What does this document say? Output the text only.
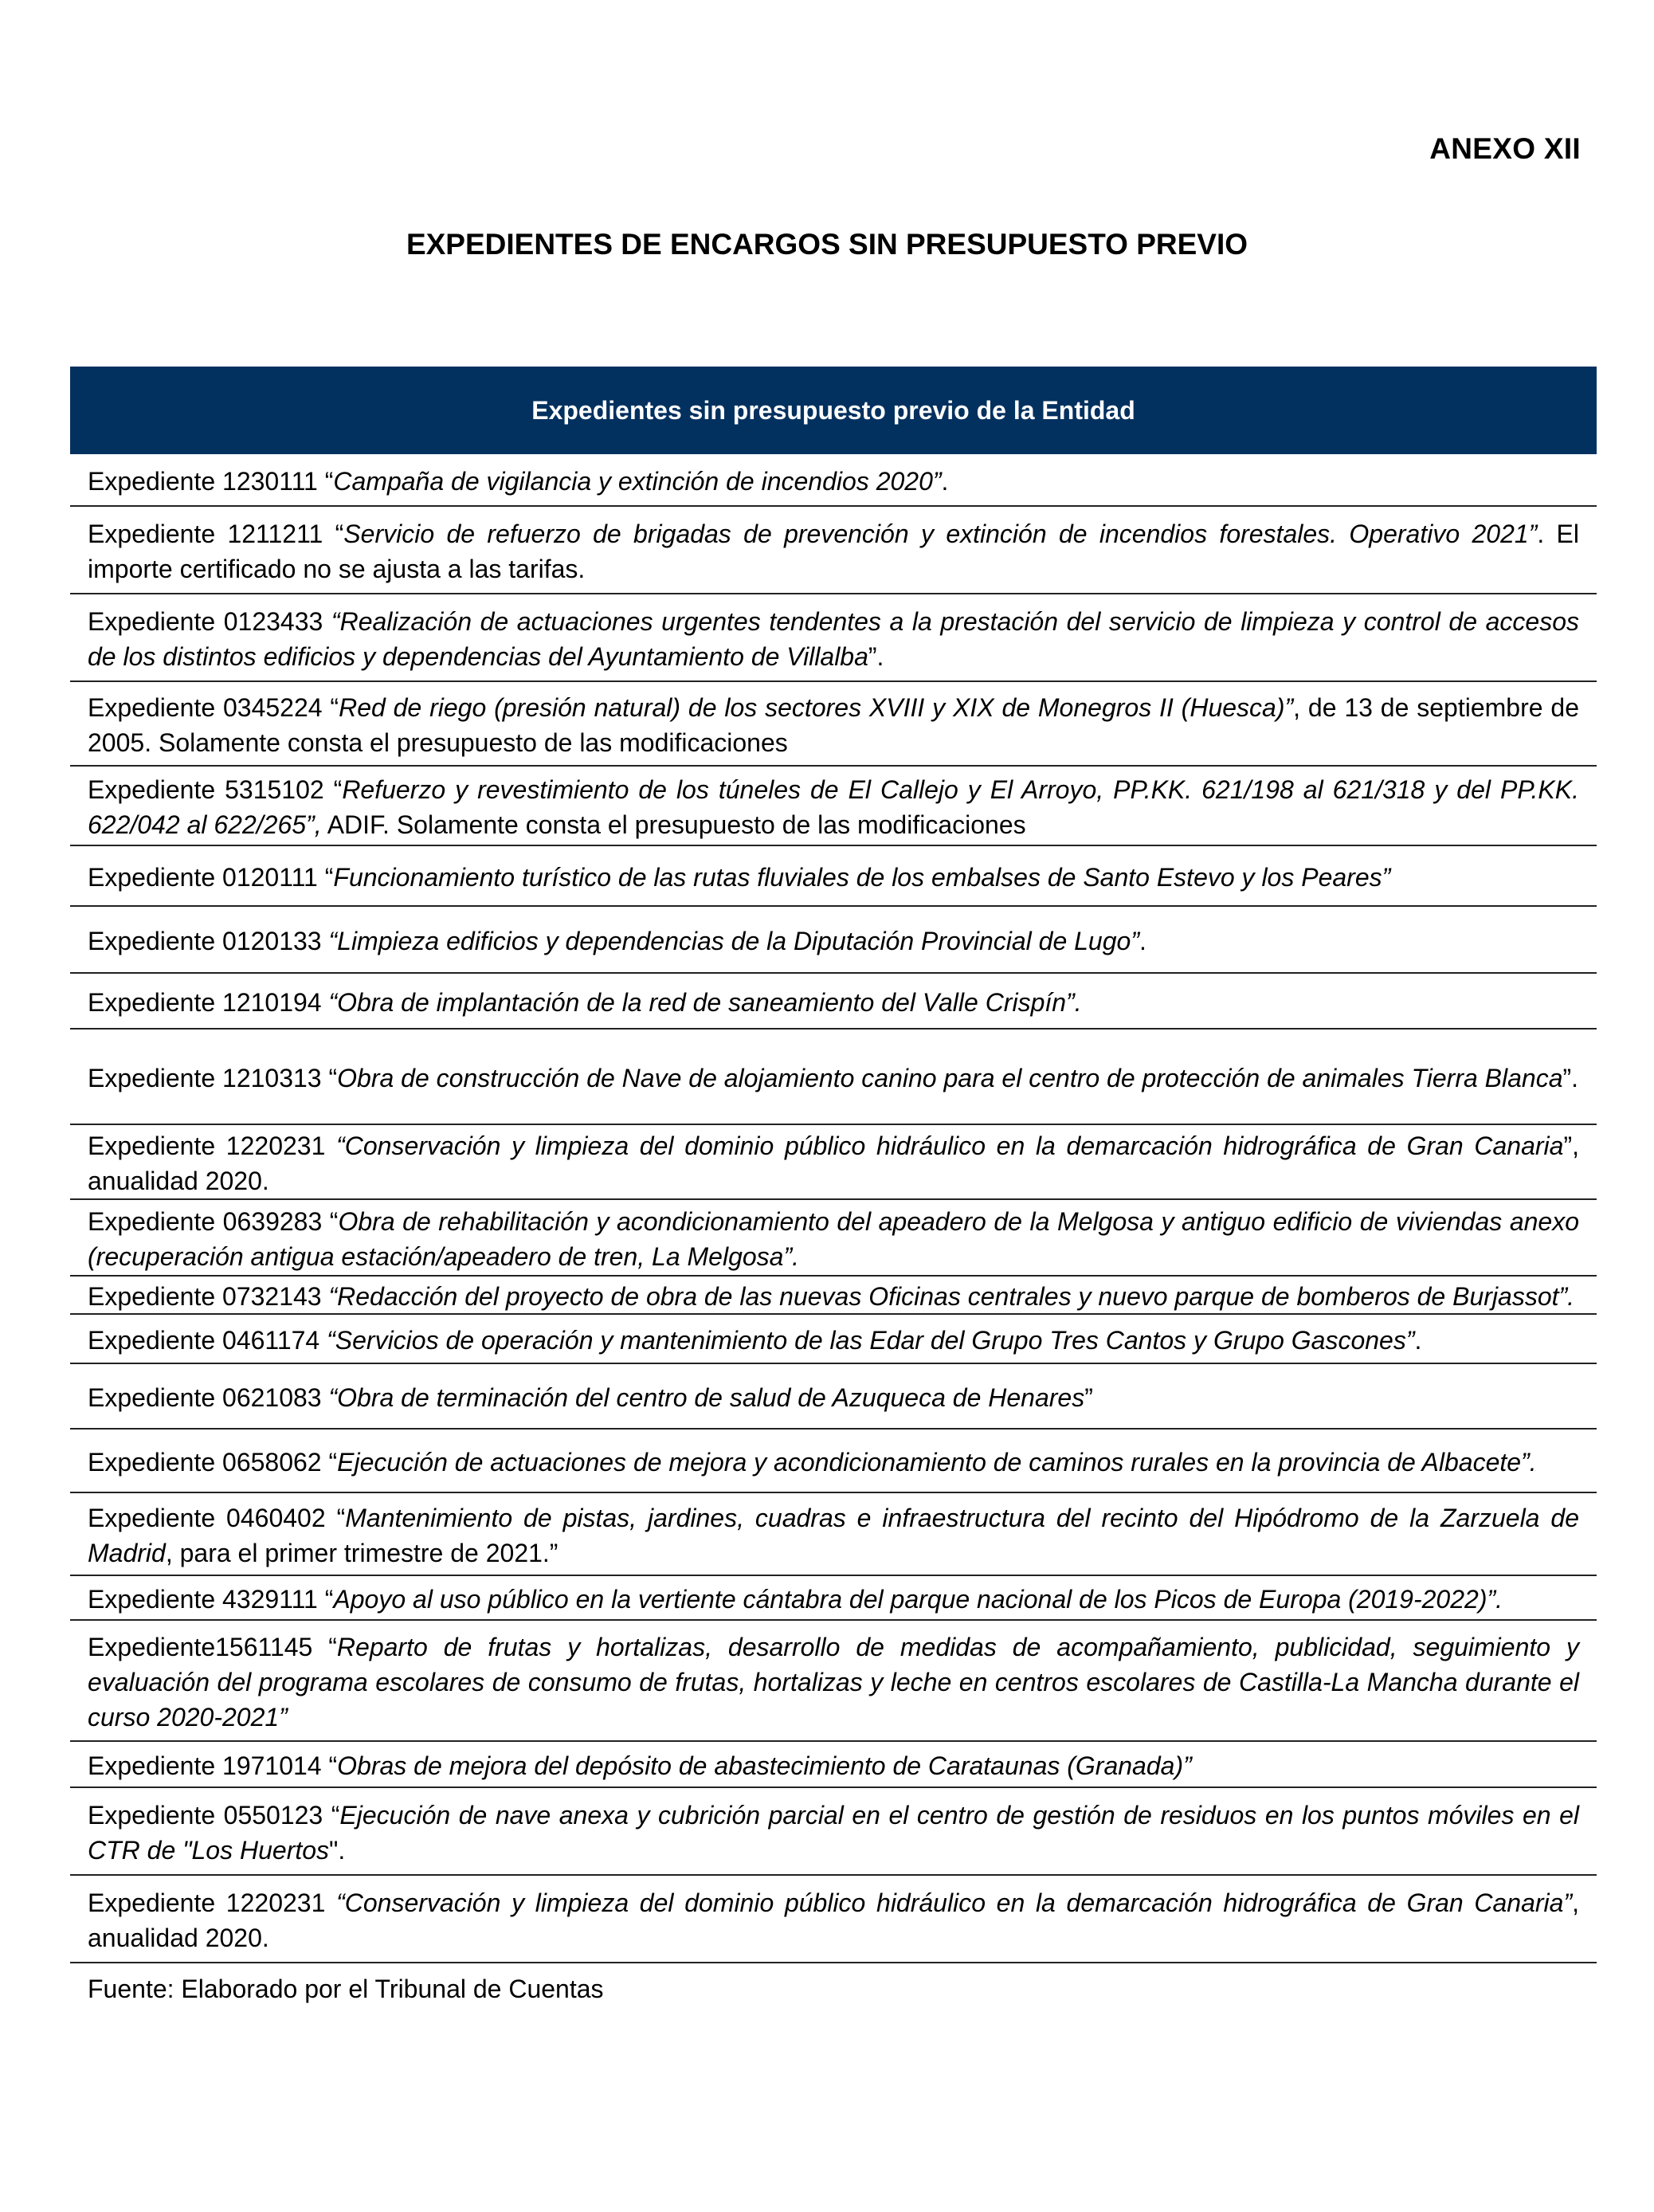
ANEXO XII
EXPEDIENTES DE ENCARGOS SIN PRESUPUESTO PREVIO
Expedientes sin presupuesto previo de la Entidad
Expediente 1230111 “Campaña de vigilancia y extinción de incendios 2020”.
Expediente 1211211 “Servicio de refuerzo de brigadas de prevención y extinción de incendios forestales. Operativo 2021”. El importe certificado no se ajusta a las tarifas.
Expediente 0123433 “Realización de actuaciones urgentes tendentes a la prestación del servicio de limpieza y control de accesos de los distintos edificios y dependencias del Ayuntamiento de Villalba”.
Expediente 0345224 “Red de riego (presión natural) de los sectores XVIII y XIX de Monegros II (Huesca)”, de 13 de septiembre de 2005. Solamente consta el presupuesto de las modificaciones
Expediente 5315102 “Refuerzo y revestimiento de los túneles de El Callejo y El Arroyo, PP.KK. 621/198 al 621/318 y del PP.KK. 622/042 al 622/265”, ADIF. Solamente consta el presupuesto de las modificaciones
Expediente 0120111 “Funcionamiento turístico de las rutas fluviales de los embalses de Santo Estevo y los Peares”
Expediente 0120133 “Limpieza edificios y dependencias de la Diputación Provincial de Lugo”.
Expediente 1210194 “Obra de implantación de la red de saneamiento del Valle Crispín”.
Expediente 1210313 “Obra de construcción de Nave de alojamiento canino para el centro de protección de animales Tierra Blanca”.
Expediente 1220231 “Conservación y limpieza del dominio público hidráulico en la demarcación hidrográfica de Gran Canaria”, anualidad 2020.
Expediente 0639283 “Obra de rehabilitación y acondicionamiento del apeadero de la Melgosa y antiguo edificio de viviendas anexo (recuperación antigua estación/apeadero de tren, La Melgosa”.
Expediente 0732143 “Redacción del proyecto de obra de las nuevas Oficinas centrales y nuevo parque de bomberos de Burjassot”.
Expediente 0461174 “Servicios de operación y mantenimiento de las Edar del Grupo Tres Cantos y Grupo Gascones”.
Expediente 0621083 “Obra de terminación del centro de salud de Azuqueca de Henares”
Expediente 0658062 “Ejecución de actuaciones de mejora y acondicionamiento de caminos rurales en la provincia de Albacete”.
Expediente 0460402 “Mantenimiento de pistas, jardines, cuadras e infraestructura del recinto del Hipódromo de la Zarzuela de Madrid, para el primer trimestre de 2021.”
Expediente 4329111 “Apoyo al uso público en la vertiente cántabra del parque nacional de los Picos de Europa (2019-2022)”.
Expediente1561145 “Reparto de frutas y hortalizas, desarrollo de medidas de acompañamiento, publicidad, seguimiento y evaluación del programa escolares de consumo de frutas, hortalizas y leche en centros escolares de Castilla-La Mancha durante el curso 2020-2021”
Expediente 1971014 “Obras de mejora del depósito de abastecimiento de Carataunas (Granada)”
Expediente 0550123 “Ejecución de nave anexa y cubrición parcial en el centro de gestión de residuos en los puntos móviles en el CTR de "Los Huertos".
Expediente 1220231 “Conservación y limpieza del dominio público hidráulico en la demarcación hidrográfica de Gran Canaria”, anualidad 2020.
Fuente: Elaborado por el Tribunal de Cuentas
